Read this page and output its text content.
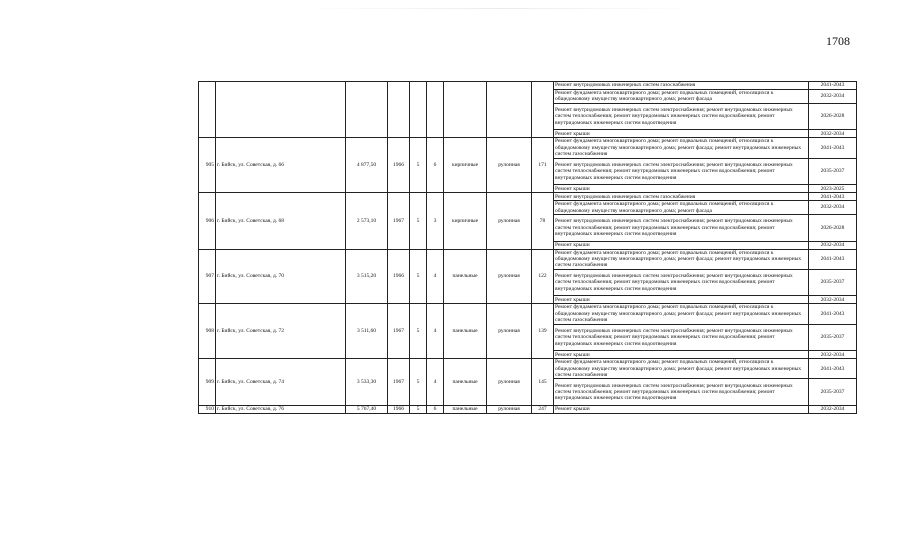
1708
									Ремонт внутридомовых инженерных систем газоснабжения	2041-2043
									Ремонт фундамента многоквартирного дома; ремонт подвальных помещений, относящихся к общедомовому имуществу многоквартирного дома; ремонт фасада	2032-2034
									Ремонт внутридомовых инженерных систем электроснабжения; ремонт внутридомовых инженерных систем теплоснабжения; ремонт внутридомовых инженерных систем водоснабжения; ремонт внутридомовых инженерных систем водоотведения	2026-2028
									Ремонт крыши	2032-2034
905	г. Бийск, ул. Советская, д. 66	4 877,50	1966	5	6	кирпичные	рулонная	171	Ремонт фундамента многоквартирного дома; ремонт подвальных помещений, относящихся к общедомовому имуществу многоквартирного дома; ремонт фасада; ремонт внутридомовых инженерных систем газоснабжения	2041-2043
									Ремонт внутридомовых инженерных систем электроснабжения; ремонт внутридомовых инженерных систем теплоснабжения; ремонт внутридомовых инженерных систем водоснабжения; ремонт внутридомовых инженерных систем водоотведения	2035-2037
									Ремонт крыши	2023-2025
906	г. Бийск, ул. Советская, д. 68	2 573,10	1967	5	3	кирпичные	рулонная	78	Ремонт внутридомовых инженерных систем газоснабжения	2041-2043
									Ремонт фундамента многоквартирного дома; ремонт подвальных помещений, относящихся к общедомовому имуществу многоквартирного дома; ремонт фасада	2032-2034
									Ремонт внутридомовых инженерных систем электроснабжения; ремонт внутридомовых инженерных систем теплоснабжения; ремонт внутридомовых инженерных систем водоснабжения; ремонт внутридомовых инженерных систем водоотведения	2026-2028
									Ремонт крыши	2032-2034
907	г. Бийск, ул. Советская, д. 70	3 515,20	1966	5	4	панельные	рулонная	122	Ремонт фундамента многоквартирного дома; ремонт подвальных помещений, относящихся к общедомовому имуществу многоквартирного дома; ремонт фасада; ремонт внутридомовых инженерных систем газоснабжения	2041-2043
									Ремонт внутридомовых инженерных систем электроснабжения; ремонт внутридомовых инженерных систем теплоснабжения; ремонт внутридомовых инженерных систем водоснабжения; ремонт внутридомовых инженерных систем водоотведения	2035-2037
									Ремонт крыши	2032-2034
908	г. Бийск, ул. Советская, д. 72	3 511,60	1967	5	4	панельные	рулонная	139	Ремонт фундамента многоквартирного дома; ремонт подвальных помещений, относящихся к общедомовому имуществу многоквартирного дома; ремонт фасада; ремонт внутридомовых инженерных систем газоснабжения	2041-2043
									Ремонт внутридомовых инженерных систем электроснабжения; ремонт внутридомовых инженерных систем теплоснабжения; ремонт внутридомовых инженерных систем водоснабжения; ремонт внутридомовых инженерных систем водоотведения	2035-2037
									Ремонт крыши	2032-2034
909	г. Бийск, ул. Советская, д. 74	3 533,30	1967	5	4	панельные	рулонная	145	Ремонт фундамента многоквартирного дома; ремонт подвальных помещений, относящихся к общедомовому имуществу многоквартирного дома; ремонт фасада; ремонт внутридомовых инженерных систем газоснабжения	2041-2043
									Ремонт внутридомовых инженерных систем электроснабжения; ремонт внутридомовых инженерных систем теплоснабжения; ремонт внутридомовых инженерных систем водоснабжения; ремонт внутридомовых инженерных систем водоотведения	2035-2037
910	г. Бийск, ул. Советская, д. 76	5 767,40	1966	5	6	панельные	рулонная	247	Ремонт крыши	2032-2034
